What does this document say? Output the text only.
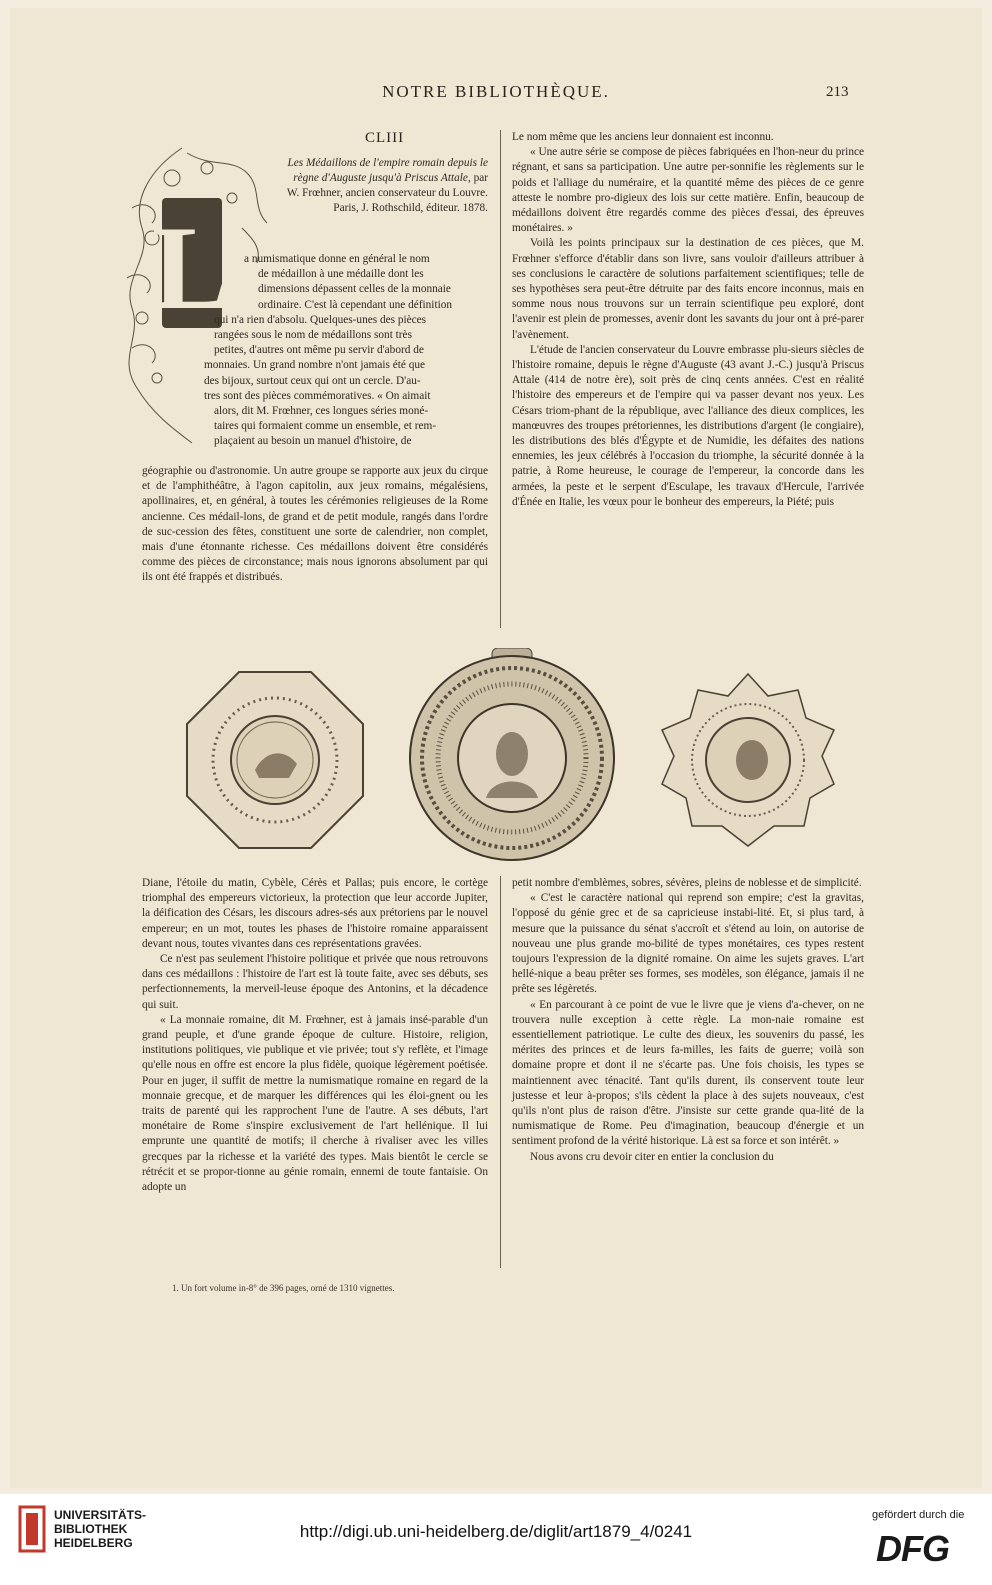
NOTRE BIBLIOTHÈQUE.	213
L
CLIII
Les Médaillons de l'empire romain depuis le règne d'Auguste jusqu'à Priscus Attale, par W. Frœhner, ancien conservateur du Louvre. Paris, J. Rothschild, éditeur. 1878.

a numismatique donne en général le nom

de médaillon à une médaille dont les

dimensions dépassent celles de la monnaie

ordinaire. C'est là cependant une définition

qui n'a rien d'absolu. Quelques-unes des pièces

rangées sous le nom de médaillons sont très

petites, d'autres ont même pu servir d'abord de

monnaies. Un grand nombre n'ont jamais été que

des bijoux, surtout ceux qui ont un cercle. D'au-

tres sont des pièces commémoratives. « On aimait

alors, dit M. Frœhner, ces longues séries moné-

taires qui formaient comme un ensemble, et rem-

plaçaient au besoin un manuel d'histoire, de

géographie ou d'astronomie. Un autre groupe se rapporte aux jeux du cirque et de l'amphithéâtre, à l'agon capitolin, aux jeux romains, mégalésiens, apollinaires, et, en général, à toutes les cérémonies religieuses de la Rome ancienne. Ces médail-lons, de grand et de petit module, rangés dans l'ordre de suc-cession des fêtes, constituent une sorte de calendrier, non complet, mais d'une étonnante richesse. Ces médaillons doivent être considérés comme des pièces de circonstance; mais nous ignorons absolument par qui ils ont été frappés et distribués.

Le nom même que les anciens leur donnaient est inconnu.

« Une autre série se compose de pièces fabriquées en l'hon-neur du prince régnant, et sans sa participation. Une autre per-sonnifie les règlements sur le poids et l'alliage du numéraire, et la quantité même des pièces de ce genre atteste le nombre pro-digieux des lois sur cette matière. Enfin, beaucoup de médaillons doivent être regardés comme des pièces d'essai, des épreuves monétaires. »

Voilà les points principaux sur la destination de ces pièces, que M. Frœhner s'efforce d'établir dans son livre, sans vouloir d'ailleurs attribuer à ses conclusions le caractère de solutions parfaitement scientifiques; telle de ses hypothèses sera peut-être détruite par des faits encore inconnus, mais en somme nous nous trouvons sur un terrain scientifique peu exploré, dont l'avenir est plein de promesses, avenir dont les savants du jour ont à pré-parer l'avènement.

L'étude de l'ancien conservateur du Louvre embrasse plu-sieurs siècles de l'histoire romaine, depuis le règne d'Auguste (43 avant J.-C.) jusqu'à Priscus Attale (414 de notre ère), soit près de cinq cents années. C'est en réalité l'histoire des empereurs et de l'empire qui va passer devant nos yeux. Les Césars triom-phant de la république, avec l'alliance des dieux complices, les manœuvres des troupes prétoriennes, les distributions d'argent (le congiaire), les distributions des blés d'Égypte et de Numidie, les défaites des nations ennemies, les jeux célébrés à l'occasion du triomphe, la sécurité donnée à la patrie, à Rome heureuse, le courage de l'empereur, la concorde dans les armées, la peste et le serpent d'Esculape, les travaux d'Hercule, l'arrivée d'Énée en Italie, les vœux pour le bonheur des empereurs, la Piété; puis

Diane, l'étoile du matin, Cybèle, Cérès et Pallas; puis encore, le cortège triomphal des empereurs victorieux, la protection que leur accorde Jupiter, la déification des Césars, les discours adres-sés aux prétoriens par le nouvel empereur; en un mot, toutes les phases de l'histoire romaine apparaissent devant nous, toutes vivantes dans ces représentations gravées.

Ce n'est pas seulement l'histoire politique et privée que nous retrouvons dans ces médaillons : l'histoire de l'art est là toute faite, avec ses débuts, ses perfectionnements, la merveil-leuse époque des Antonins, et la décadence qui suit.

« La monnaie romaine, dit M. Frœhner, est à jamais insé-parable d'un grand peuple, et d'une grande époque de culture. Histoire, religion, institutions politiques, vie publique et vie privée; tout s'y reflète, et l'image qu'elle nous en offre est encore la plus fidèle, quoique légèrement poétisée. Pour en juger, il suffit de mettre la numismatique romaine en regard de la monnaie grecque, et de marquer les différences qui les éloi-gnent ou les traits de parenté qui les rapprochent l'une de l'autre. A ses débuts, l'art monétaire de Rome s'inspire exclusivement de l'art hellénique. Il lui emprunte une quantité de motifs; il cherche à rivaliser avec les villes grecques par la richesse et la variété des types. Mais bientôt le cercle se rétrécit et se propor-tionne au génie romain, ennemi de toute fantaisie. On adopte un

petit nombre d'emblèmes, sobres, sévères, pleins de noblesse et de simplicité.

« C'est le caractère national qui reprend son empire; c'est la gravitas, l'opposé du génie grec et de sa capricieuse instabi-lité. Et, si plus tard, à mesure que la puissance du sénat s'accroît et s'étend au loin, on autorise de nouveau une plus grande mo-bilité de types monétaires, ces types restent toujours l'expression de la dignité romaine. On aime les sujets graves. L'art hellé-nique a beau prêter ses formes, ses modèles, son élégance, jamais il ne prête ses légèretés.

« En parcourant à ce point de vue le livre que je viens d'a-chever, on ne trouvera nulle exception à cette règle. La mon-naie romaine est essentiellement patriotique. Le culte des dieux, les souvenirs du passé, les mérites des princes et de leurs fa-milles, les faits de guerre; voilà son domaine propre et dont il ne s'écarte pas. Une fois choisis, les types se maintiennent avec ténacité. Tant qu'ils durent, ils conservent toute leur justesse et leur à-propos; s'ils cèdent la place à des sujets nouveaux, c'est qu'ils n'ont plus de raison d'être. J'insiste sur cette grande qua-lité de la numismatique de Rome. Peu d'imagination, beaucoup d'énergie et un sentiment profond de la vérité historique. Là est sa force et son intérêt. »

Nous avons cru devoir citer en entier la conclusion du

1. Un fort volume in-8° de 396 pages, orné de 1310 vignettes.
UNIVERSITÄTS-
BIBLIOTHEK
HEIDELBERG
http://digi.ub.uni-heidelberg.de/diglit/art1879_4/0241
gefördert durch die
DFG
